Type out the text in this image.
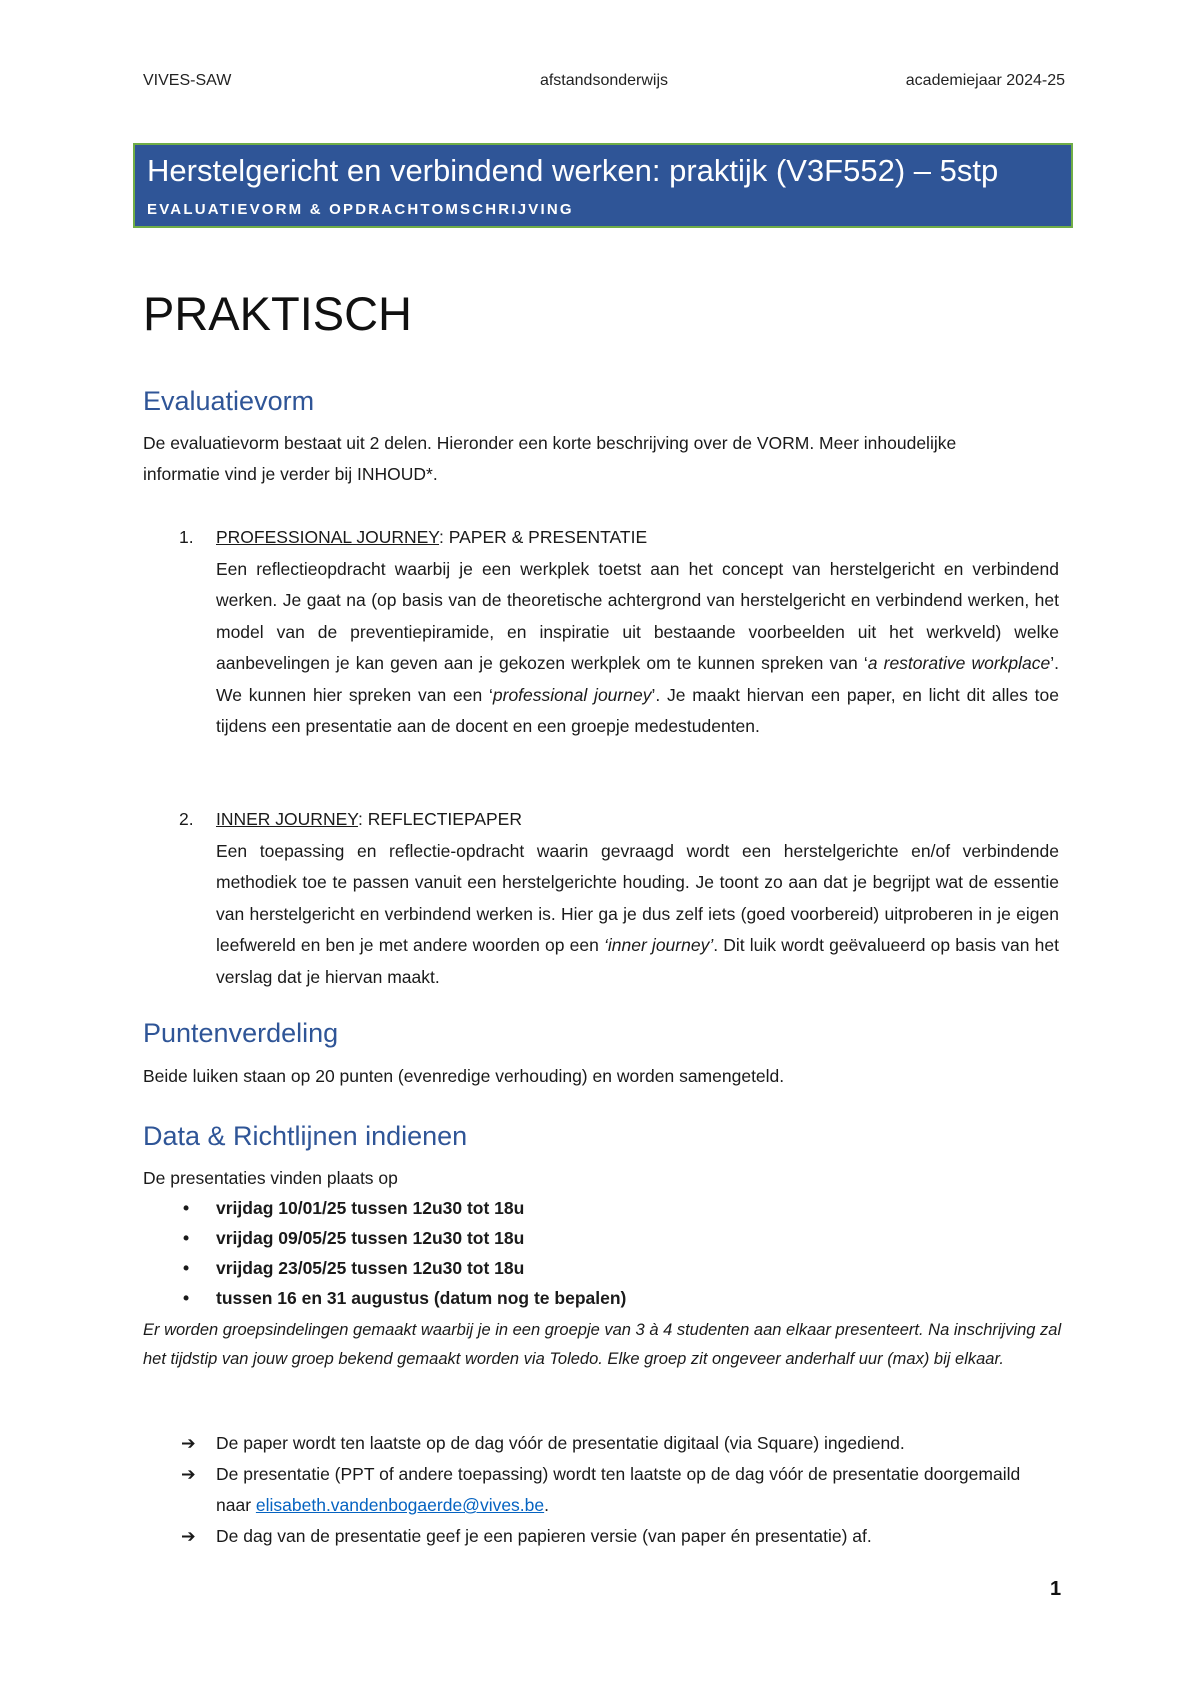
VIVES-SAW	afstandsonderwijs	academiejaar 2024-25
Herstelgericht en verbindend werken: praktijk (V3F552) – 5stp
EVALUATIEVORM & OPDRACHTOMSCHRIJVING
PRAKTISCH
Evaluatievorm
De evaluatievorm bestaat uit 2 delen. Hieronder een korte beschrijving over de VORM. Meer inhoudelijke informatie vind je verder bij INHOUD*.
1. PROFESSIONAL JOURNEY: PAPER & PRESENTATIE
Een reflectieopdracht waarbij je een werkplek toetst aan het concept van herstelgericht en verbindend werken. Je gaat na (op basis van de theoretische achtergrond van herstelgericht en verbindend werken, het model van de preventiepiramide, en inspiratie uit bestaande voorbeelden uit het werkveld) welke aanbevelingen je kan geven aan je gekozen werkplek om te kunnen spreken van ‘a restorative workplace’. We kunnen hier spreken van een ‘professional journey’. Je maakt hiervan een paper, en licht dit alles toe tijdens een presentatie aan de docent en een groepje medestudenten.
2. INNER JOURNEY: REFLECTIEPAPER
Een toepassing en reflectie-opdracht waarin gevraagd wordt een herstelgerichte en/of verbindende methodiek toe te passen vanuit een herstelgerichte houding. Je toont zo aan dat je begrijpt wat de essentie van herstelgericht en verbindend werken is. Hier ga je dus zelf iets (goed voorbereid) uitproberen in je eigen leefwereld en ben je met andere woorden op een ‘inner journey’. Dit luik wordt geëvalueerd op basis van het verslag dat je hiervan maakt.
Puntenverdeling
Beide luiken staan op 20 punten (evenredige verhouding) en worden samengeteld.
Data & Richtlijnen indienen
De presentaties vinden plaats op
• vrijdag 10/01/25 tussen 12u30 tot 18u
• vrijdag 09/05/25 tussen 12u30 tot 18u
• vrijdag 23/05/25 tussen 12u30 tot 18u
• tussen 16 en 31 augustus (datum nog te bepalen)
Er worden groepsindelingen gemaakt waarbij je in een groepje van 3 à 4 studenten aan elkaar presenteert. Na inschrijving zal het tijdstip van jouw groep bekend gemaakt worden via Toledo. Elke groep zit ongeveer anderhalf uur (max) bij elkaar.
➔ De paper wordt ten laatste op de dag vóór de presentatie digitaal (via Square) ingediend.
➔ De presentatie (PPT of andere toepassing) wordt ten laatste op de dag vóór de presentatie doorgemaild naar elisabeth.vandenbogaerde@vives.be.
➔ De dag van de presentatie geef je een papieren versie (van paper én presentatie) af.
1
